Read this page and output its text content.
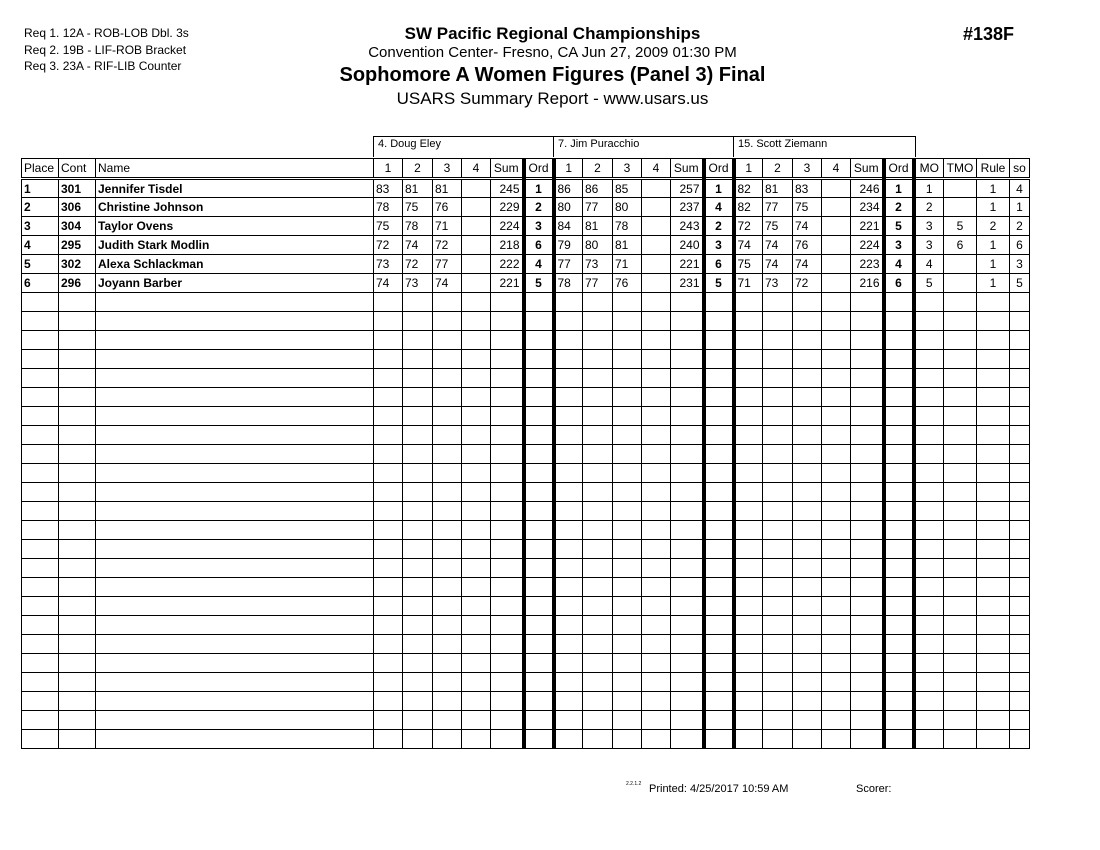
Req 1. 12A - ROB-LOB Dbl. 3s
Req 2. 19B - LIF-ROB Bracket
Req 3. 23A - RIF-LIB Counter
SW Pacific Regional Championships
Convention Center- Fresno, CA Jun 27, 2009 01:30 PM
Sophomore A Women Figures (Panel 3) Final
USARS Summary Report - www.usars.us
#138F
4. Doug Eley	7. Jim Puracchio	15. Scott Ziemann
Place	Cont	Name	1	2	3	4	Sum	Ord	1	2	3	4	Sum	Ord	1	2	3	4	Sum	Ord	MO	TMO	Rule	so
1	301	Jennifer Tisdel	83	81	81		245	1	86	86	85		257	1	82	81	83		246	1	1		1	4
2	306	Christine Johnson	78	75	76		229	2	80	77	80		237	4	82	77	75		234	2	2		1	1
3	304	Taylor Ovens	75	78	71		224	3	84	81	78		243	2	72	75	74		221	5	3	5	2	2
4	295	Judith Stark Modlin	72	74	72		218	6	79	80	81		240	3	74	74	76		224	3	3	6	1	6
5	302	Alexa Schlackman	73	72	77		222	4	77	73	71		221	6	75	74	74		223	4	4		1	3
6	296	Joyann Barber	74	73	74		221	5	78	77	76		231	5	71	73	72		216	6	5		1	5

2.2.1.2 Printed: 4/25/2017 10:59 AM	Scorer:
